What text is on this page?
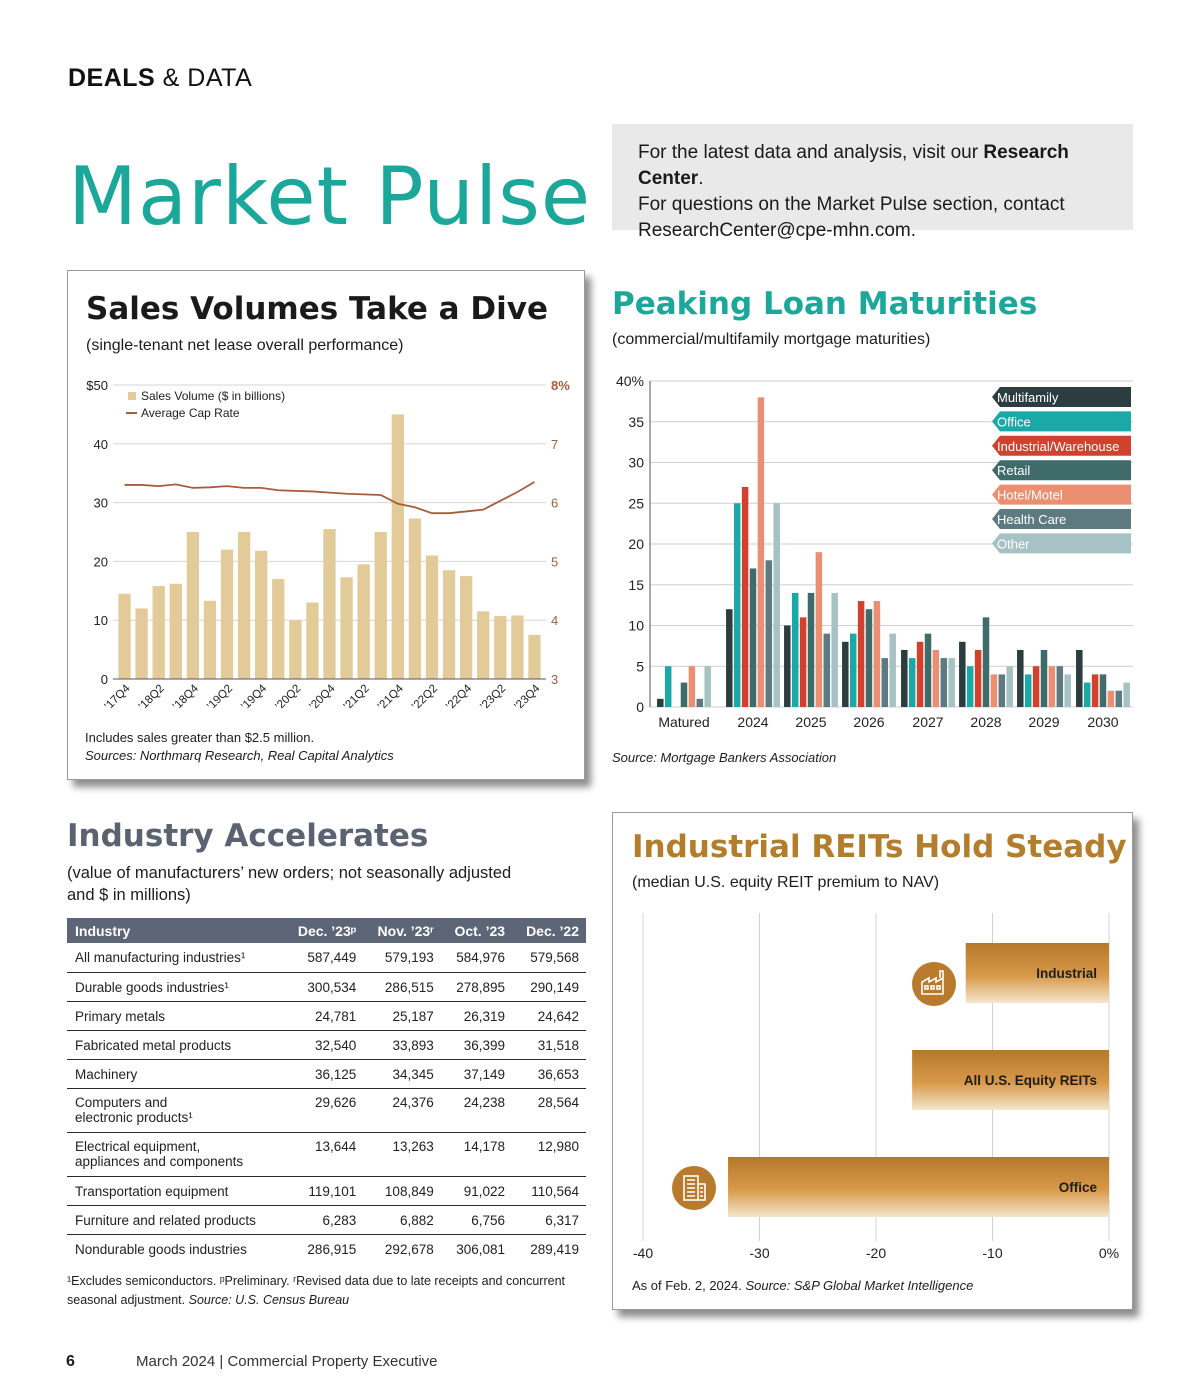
DEALS & DATA
Market Pulse For the latest data and analysis, visit our Research Center.
For questions on the Market Pulse section, contact
ResearchCenter@cpe-mhn.com.
Sales Volumes Take a Dive
(single-tenant net lease overall performance)
$50	8%
40	7
30	6
20	5
10	4
0	3
’17Q4 ’18Q2 ’18Q4 ’19Q2 ’19Q4 ’20Q2 ’20Q4 ’21Q2 ’21Q4 ’22Q2 ’22Q4 ’23Q2 ’23Q4
Sales Volume ($ in billions)
Average Cap Rate
Includes sales greater than $2.5 million.
Sources: Northmarq Research, Real Capital Analytics
Peaking Loan Maturities
(commercial/multifamily mortgage maturities)
40%
35
30
25
20
15
10
5
0
Matured 2024 2025 2026 2027 2028 2029 2030
Multifamily
Office
Industrial/Warehouse
Retail
Hotel/Motel
Health Care
Other
Source: Mortgage Bankers Association
Industry Accelerates
(value of manufacturers’ new orders; not seasonally adjusted
and $ in millions)
Industry	Dec. ’23ᵖ	Nov. ’23ʳ	Oct. ’23	Dec. ’22
All manufacturing industries¹	587,449	579,193	584,976	579,568
Durable goods industries¹	300,534	286,515	278,895	290,149
Primary metals	24,781	25,187	26,319	24,642
Fabricated metal products	32,540	33,893	36,399	31,518
Machinery	36,125	34,345	37,149	36,653
Computers and
electronic products¹	29,626	24,376	24,238	28,564
Electrical equipment,
appliances and components	13,644	13,263	14,178	12,980
Transportation equipment	119,101	108,849	91,022	110,564
Furniture and related products	6,283	6,882	6,756	6,317
Nondurable goods industries	286,915	292,678	306,081	289,419
¹Excludes semiconductors. ᵖPreliminary. ʳRevised data due to late receipts and concurrent
seasonal adjustment. Source: U.S. Census Bureau
Industrial REITs Hold Steady
(median U.S. equity REIT premium to NAV)
Industrial
All U.S. Equity REITs
Office
-40	-30	-20	-10	0%
As of Feb. 2, 2024. Source: S&P Global Market Intelligence
6	March 2024 | Commercial Property Executive
